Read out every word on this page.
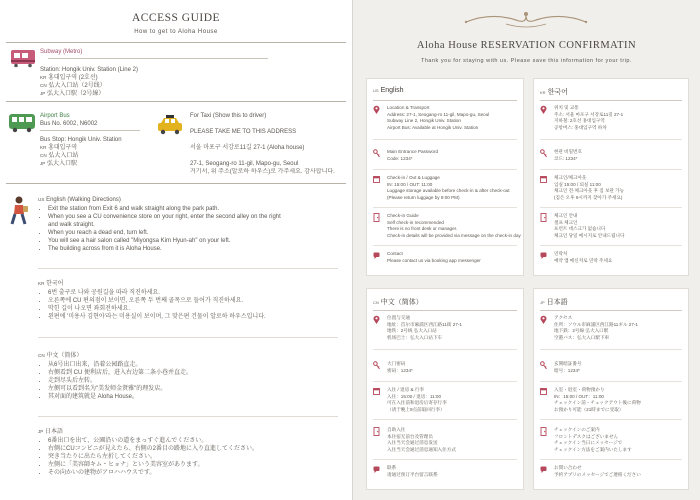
ACCESS GUIDE
How to get to Aloha House
Subway (Metro)
Station: Hongik Univ. Station (Line 2)
KR 홍대입구역 (2호선)
CN 弘大入口站（2号线）
JP 弘大入口駅（2号線）
Airport Bus
Bus No. 6002, N6002
Bus Stop: Hongik Univ. Station
KR 홍대입구역
CN 弘大入口站
JP 弘大入口駅
For Taxi (Show this to driver)
PLEASE TAKE ME TO THIS ADDRESS
서울 마포구 서강로11길 27-1 (Aloha house)
27-1, Seogang-ro 11-gil, Mapo-gu, Seoul
거기서, 위 주소(알로하 하우스)로 가주세요. 감사합니다.
US English (Walking Directions)
• Exit the station from Exit 6 and walk straight along the park path.
• When you see a CU convenience store on your right, enter the second alley on the right
and walk straight.
• When you reach a dead end, turn left.
• You will see a hair salon called "Miyongsa Kim Hyun-ah" on your left.
• The building across from it is Aloha House.
KR 한국어
• 6번 출구로 나와 공원길을 따라 직진하세요.
• 오른쪽에 CU 편의점이 보이면, 오른쪽 두 번째 골목으로 들어가 직진하세요.
• 막힌 길이 나오면 좌회전하세요.
• 왼편에 '미용사 김현아'라는 미용실이 보이며, 그 맞은편 건물이 알로하 하우스입니다.
CN 中文（简体）
• 从6号出口出来，沿着公园路直走。
• 右侧看到 CU 便利店后，进入右边第二条小巷并直走。
• 走到尽头后左转。
• 左侧可以看到名为"美发师金贤雅"的理发店。
• 其对面的建筑就是 Aloha House。
JP 日本語
• 6番出口を出て、公園沿いの道をまっすぐ進んでください。
• 右側にCUコンビニが見えたら、右側の2番目の路地に入り直進してください。
• 突き当たりに出たら左折してください。
• 左側に「美容師キム・ヒョナ」という美容室があります。
• その向かいの建物がアロハハウスです。
Aloha House RESERVATION CONFIRMATIN
Thank you for staying with us. Please save this information for your trip.
US English
Location & Transport
Address: 27-1, Seogang-ro 11-gil, Mapo-gu, Seoul
Subway Line 2, Hongik Univ. Station
Airport Bus: Available at Hongik Univ. Station
Main Entrance Password
Code: 1234*
Check-in / Out & Luggage
IN: 15:00 / OUT: 11:00
Luggage storage available before check-in & after check-out
(Please return luggage by 9:00 PM)
Check-in Guide
Self check-in recommended
There is no front desk or manager.
Check-in details will be provided via message on the check-in day
Contact
Please contact us via booking app messenger
KR 한국어
위치 및 교통
주소: 서울 마포구 서강로11길 27-1
지하철: 2호선 홍대입구역
공항버스: 홍대입구역 하차
현관 비밀번호
코드: 1234*
체크인/체크아웃
입실 15:00 / 퇴실 11:00
체크인 전·체크아웃 후 짐 보관 가능
(짐은 오후 9시까지 찾아가 주세요)
체크인 안내
셀프 체크인
프런트 데스크가 없습니다
체크인 당일 메시지로 안내드립니다
연락처
예약 앱 메신저로 연락 주세요
CN 中文（简体）
位置与交通
地址：首尔市麻浦区西江路11街 27-1
地铁：2号线 弘大入口站
机场巴士：弘大入口站下车
大门密码
密码：1234*
入住 / 退房 & 行李
入住：15:00 / 退房：11:00
可在入住前和退房后寄存行李
（请于晚上9点前取回行李）
自助入住
本住宿无前台及管理员
入住当天会通过消息发送
入住当天会通过消息通知入住方式
联系
请通过预订平台留言联系
JP 日本語
アクセス
住所：ソウル市麻浦区西江路11ギル 27-1
地下鉄：2号線 弘大入口駅
空港バス：弘大入口駅下車
玄関暗証番号
暗号：1234*
入室・退室・荷物預かり
IN：15:00 / OUT：11:00
チェックイン前・チェックアウト後に荷物
お預かり可能（21時までに受取）
チェックインのご案内
フロントデスクはございません
チェックイン当日にメッセージで
チェックイン方法をご案内いたします
お問い合わせ
予約アプリのメッセージでご連絡ください
